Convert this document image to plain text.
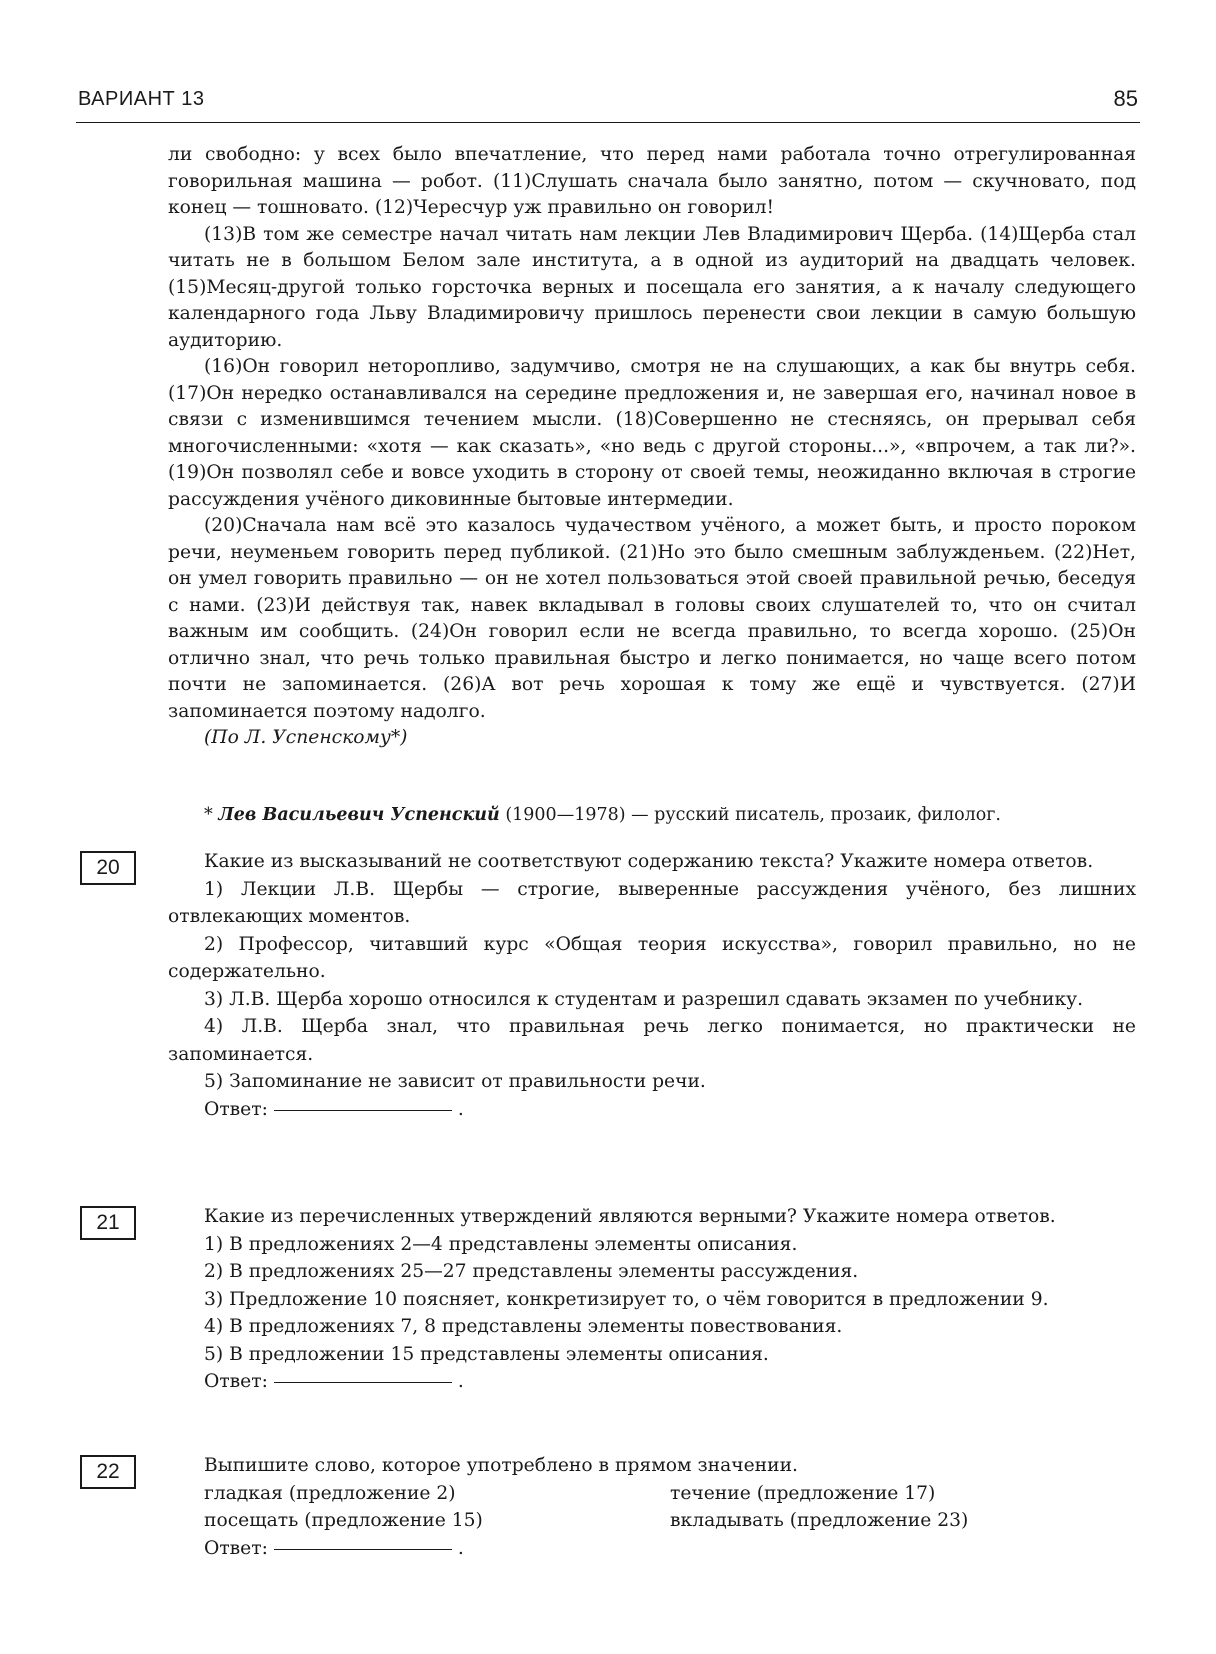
ВАРИАНТ 13	85

ли свободно: у всех было впечатление, что перед нами работала точно отрегулированная говорильная машина — робот. (11)Слушать сначала было занятно, потом — скучновато, под конец — тошновато. (12)Чересчур уж правильно он говорил!

(13)В том же семестре начал читать нам лекции Лев Владимирович Щерба. (14)Щерба стал читать не в большом Белом зале института, а в одной из аудиторий на двадцать человек. (15)Месяц-другой только горсточка верных и посещала его занятия, а к началу следующего календарного года Льву Владимировичу пришлось перенести свои лекции в самую большую аудиторию.

(16)Он говорил неторопливо, задумчиво, смотря не на слушающих, а как бы внутрь себя. (17)Он нередко останавливался на середине предложения и, не завершая его, начинал новое в связи с изменившимся течением мысли. (18)Совершенно не стесняясь, он прерывал себя многочисленными: «хотя — как сказать», «но ведь с другой стороны...», «впрочем, а так ли?». (19)Он позволял себе и вовсе уходить в сторону от своей темы, неожиданно включая в строгие рассуждения учёного диковинные бытовые интермедии.

(20)Сначала нам всё это казалось чудачеством учёного, а может быть, и просто пороком речи, неуменьем говорить перед публикой. (21)Но это было смешным заблужденьем. (22)Нет, он умел говорить правильно — он не хотел пользоваться этой своей правильной речью, беседуя с нами. (23)И действуя так, навек вкладывал в головы своих слушателей то, что он считал важным им сообщить. (24)Он говорил если не всегда правильно, то всегда хорошо. (25)Он отлично знал, что речь только правильная быстро и легко понимается, но чаще всего потом почти не запоминается. (26)А вот речь хорошая к тому же ещё и чувствуется. (27)И запоминается поэтому надолго.

(По Л. Успенскому*)

* Лев Васильевич Успенский (1900—1978) — русский писатель, прозаик, филолог.
20	Какие из высказываний не соответствуют содержанию текста? Укажите номера ответов.

1) Лекции Л.В. Щербы — строгие, выверенные рассуждения учёного, без лишних отвлекающих моментов.

2) Профессор, читавший курс «Общая теория искусства», говорил правильно, но не содержательно.

3) Л.В. Щерба хорошо относился к студентам и разрешил сдавать экзамен по учебнику.

4) Л.В. Щерба знал, что правильная речь легко понимается, но практически не запоминается.

5) Запоминание не зависит от правильности речи.

Ответ:	.

21	Какие из перечисленных утверждений являются верными? Укажите номера ответов.

1) В предложениях 2—4 представлены элементы описания.

2) В предложениях 25—27 представлены элементы рассуждения.

3) Предложение 10 поясняет, конкретизирует то, о чём говорится в предложении 9.

4) В предложениях 7, 8 представлены элементы повествования.

5) В предложении 15 представлены элементы описания.

Ответ:	.

22	Выпишите слово, которое употреблено в прямом значении.

гладкая (предложение 2)	течение (предложение 17)
посещать (предложение 15)	вкладывать (предложение 23)

Ответ:	.
